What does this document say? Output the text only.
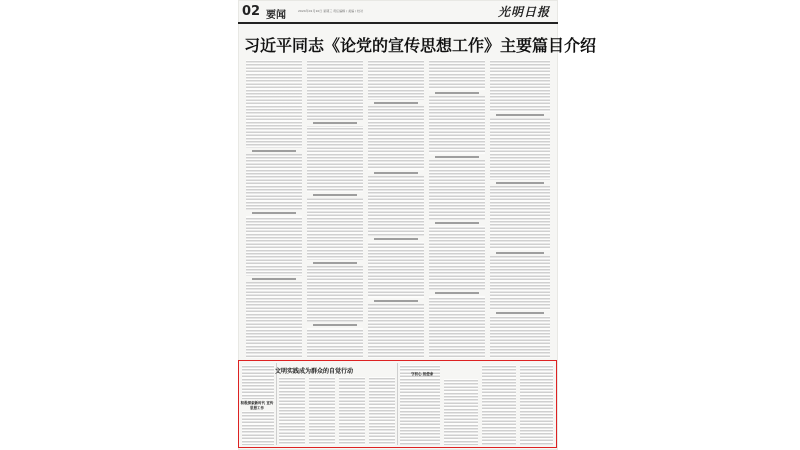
02 要闻	2024年01月10日 星期三 责任编辑 / 美编 / 校对	光明日报
习近平同志《论党的宣传思想工作》主要篇目介绍
积极探索新时代 宣传思想工作
文明实践成为群众的自觉行动	守初心 担使命
